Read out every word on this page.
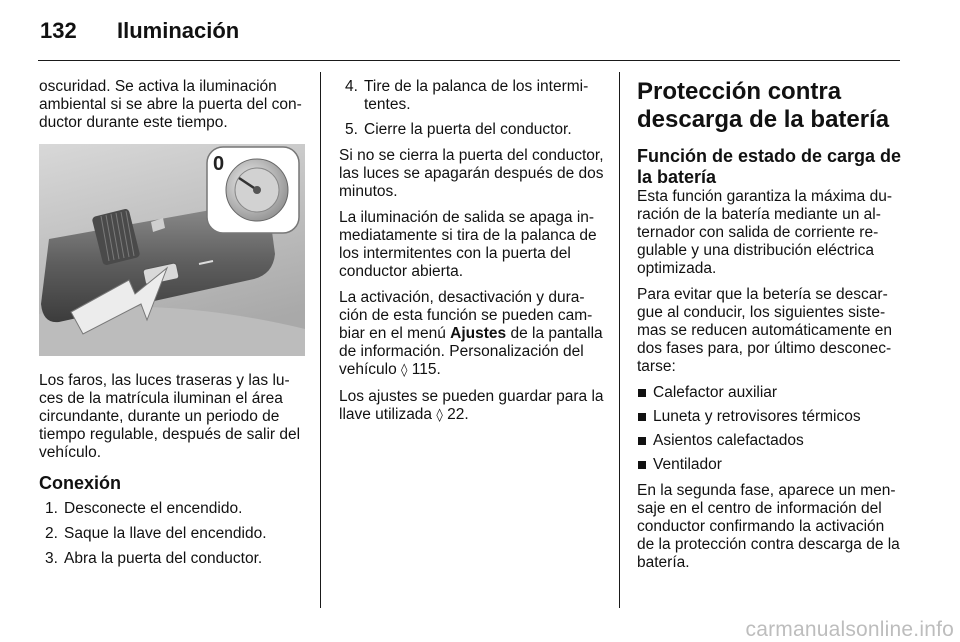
132 Iluminación

oscuridad. Se activa la iluminación ambiental si se abre la puerta del conductor durante este tiempo.

0

Los faros, las luces traseras y las luces de la matrícula iluminan el área circundante, durante un periodo de tiempo regulable, después de salir del vehículo.

Conexión
1. Desconecte el encendido.
2. Saque la llave del encendido.
3. Abra la puerta del conductor.
4. Tire de la palanca de los intermitentes.
5. Cierre la puerta del conductor.

Si no se cierra la puerta del conductor, las luces se apagarán después de dos minutos.

La iluminación de salida se apaga inmediatamente si tira de la palanca de los intermitentes con la puerta del conductor abierta.

La activación, desactivación y duración de esta función se pueden cambiar en el menú Ajustes de la pantalla de información. Personalización del vehículo ◊ 115.

Los ajustes se pueden guardar para la llave utilizada ◊ 22.

Protección contra descarga de la batería
Función de estado de carga de la batería

Esta función garantiza la máxima duración de la batería mediante un alternador con salida de corriente regulable y una distribución eléctrica optimizada.

Para evitar que la betería se descargue al conducir, los siguientes sistemas se reducen automáticamente en dos fases para, por último desconectarse:

Calefactor auxiliar
Luneta y retrovisores térmicos
Asientos calefactados
Ventilador

En la segunda fase, aparece un mensaje en el centro de información del conductor confirmando la activación de la protección contra descarga de la batería.

carmanualsonline.info
